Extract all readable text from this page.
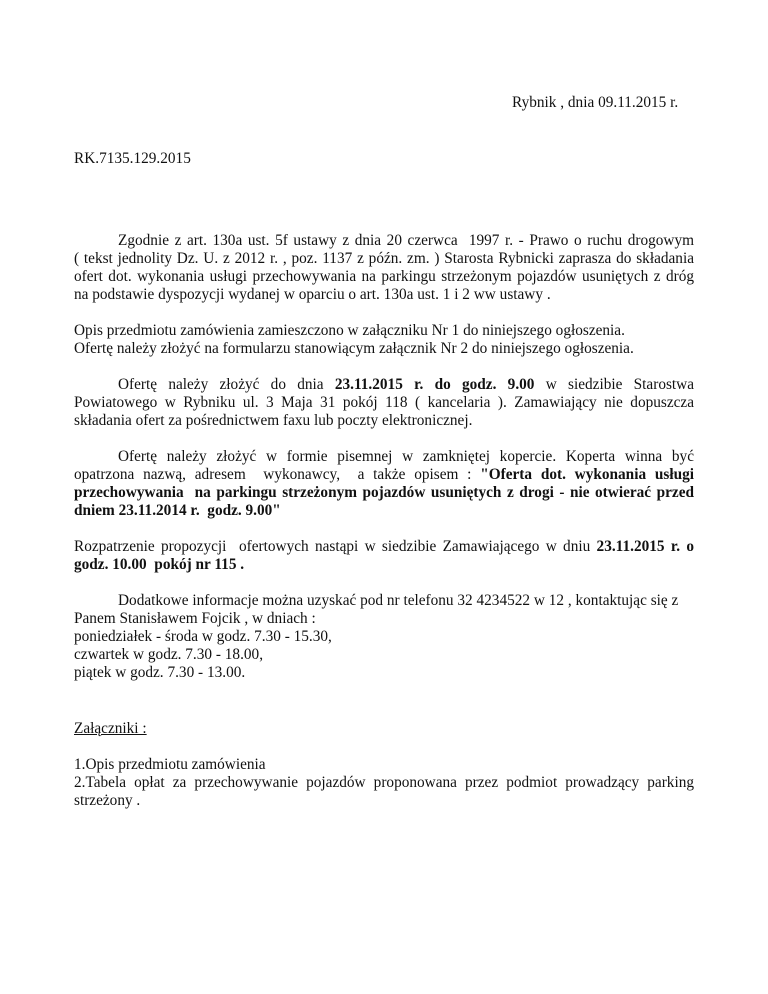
Rybnik , dnia 09.11.2015 r.
RK.7135.129.2015
Zgodnie z art. 130a ust. 5f ustawy z dnia 20 czerwca  1997 r. - Prawo o ruchu drogowym
( tekst jednolity Dz. U. z 2012 r. , poz. 1137 z późn. zm. ) Starosta Rybnicki zaprasza do składania
ofert dot. wykonania usługi przechowywania na parkingu strzeżonym pojazdów usuniętych z dróg
na podstawie dyspozycji wydanej w oparciu o art. 130a ust. 1 i 2 ww ustawy .
Opis przedmiotu zamówienia zamieszczono w załączniku Nr 1 do niniejszego ogłoszenia.
Ofertę należy złożyć na formularzu stanowiącym załącznik Nr 2 do niniejszego ogłoszenia.
Ofertę należy złożyć do dnia 23.11.2015 r. do godz. 9.00 w siedzibie Starostwa
Powiatowego w Rybniku ul. 3 Maja 31 pokój 118 ( kancelaria ). Zamawiający nie dopuszcza
składania ofert za pośrednictwem faxu lub poczty elektronicznej.
Ofertę należy złożyć w formie pisemnej w zamkniętej kopercie. Koperta winna być
opatrzona nazwą, adresem  wykonawcy,  a także opisem : "Oferta dot. wykonania usługi
przechowywania  na parkingu strzeżonym pojazdów usuniętych z drogi - nie otwierać przed
dniem 23.11.2014 r.  godz. 9.00"
Rozpatrzenie propozycji  ofertowych nastąpi w siedzibie Zamawiającego w dniu 23.11.2015 r. o
godz. 10.00  pokój nr 115 .
Dodatkowe informacje można uzyskać pod nr telefonu 32 4234522 w 12 , kontaktując się z
Panem Stanisławem Fojcik , w dniach :
poniedziałek - środa w godz. 7.30 - 15.30,
czwartek w godz. 7.30 - 18.00,
piątek w godz. 7.30 - 13.00.
Załączniki :
1.Opis przedmiotu zamówienia
2.Tabela opłat za przechowywanie pojazdów proponowana przez podmiot prowadzący parking
strzeżony .
